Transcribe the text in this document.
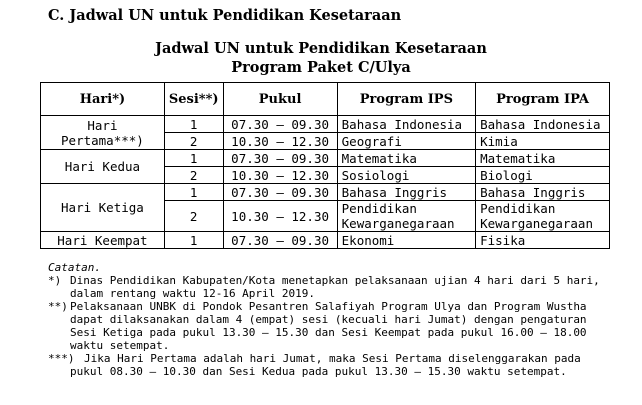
C. Jadwal UN untuk Pendidikan Kesetaraan
Jadwal UN untuk Pendidikan Kesetaraan
Program Paket C/Ulya
Hari*)	Sesi**)	Pukul	Program IPS	Program IPA
Hari Pertama***)	1	07.30 – 09.30	Bahasa Indonesia	Bahasa Indonesia
	2	10.30 – 12.30	Geografi	Kimia
Hari Kedua	1	07.30 – 09.30	Matematika	Matematika
	2	10.30 – 12.30	Sosiologi	Biologi
Hari Ketiga	1	07.30 – 09.30	Bahasa Inggris	Bahasa Inggris
	2	10.30 – 12.30	Pendidikan Kewarganegaraan	Pendidikan Kewarganegaraan
Hari Keempat	1	07.30 – 09.30	Ekonomi	Fisika
Catatan.
*) Dinas Pendidikan Kabupaten/Kota menetapkan pelaksanaan ujian 4 hari dari 5 hari, dalam rentang waktu 12-16 April 2019.
**) Pelaksanaan UNBK di Pondok Pesantren Salafiyah Program Ulya dan Program Wustha dapat dilaksanakan dalam 4 (empat) sesi (kecuali hari Jumat) dengan pengaturan Sesi Ketiga pada pukul 13.30 – 15.30 dan Sesi Keempat pada pukul 16.00 – 18.00 waktu setempat.
***) Jika Hari Pertama adalah hari Jumat, maka Sesi Pertama diselenggarakan pada pukul 08.30 – 10.30 dan Sesi Kedua pada pukul 13.30 – 15.30 waktu setempat.
